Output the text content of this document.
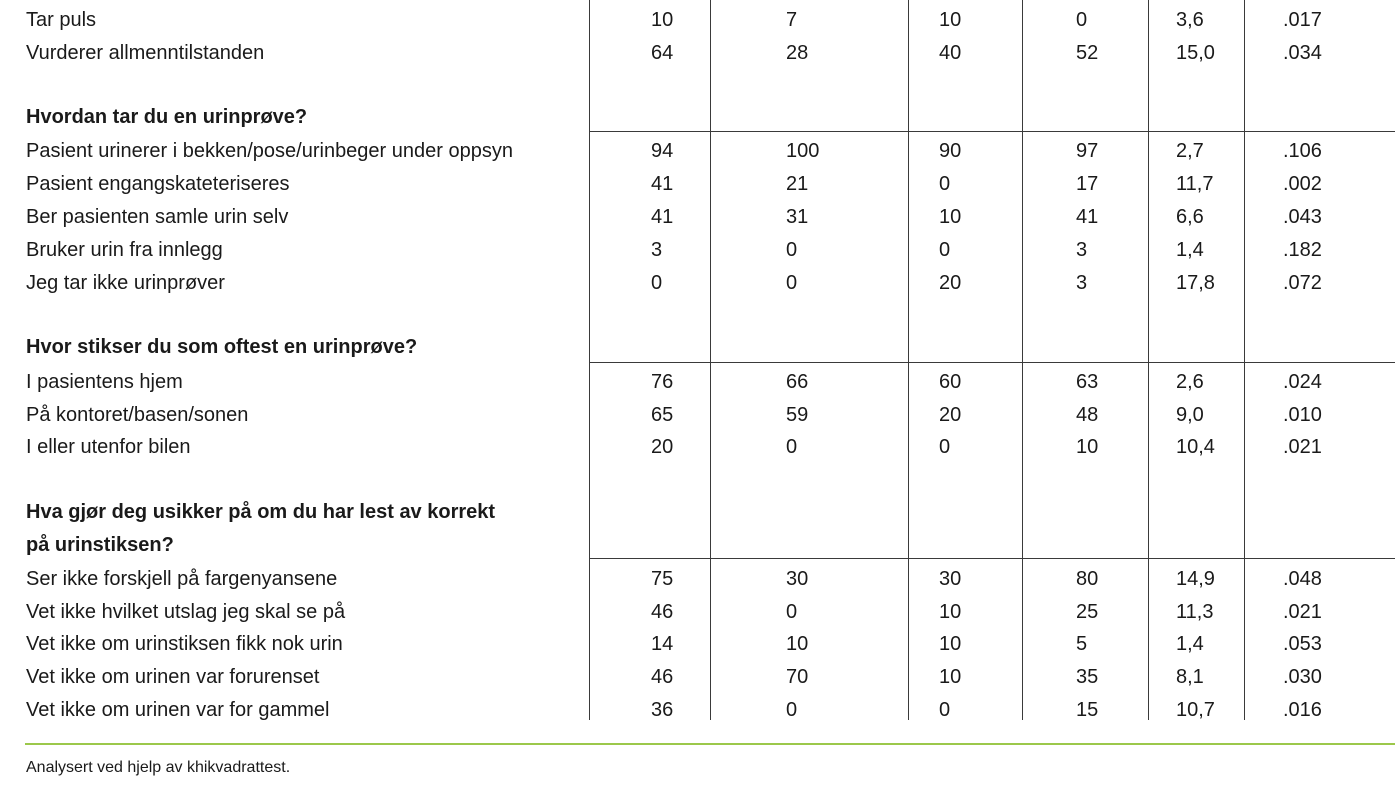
Tar puls	10	7	10	0	3,6	.017
Vurderer allmenntilstanden	64	28	40	52	15,0	.034
Hvordan tar du en urinprøve?
Pasient urinerer i bekken/pose/urinbeger under oppsyn	94	100	90	97	2,7	.106
Pasient engangskateteriseres	41	21	0	17	11,7	.002
Ber pasienten samle urin selv	41	31	10	41	6,6	.043
Bruker urin fra innlegg	3	0	0	3	1,4	.182
Jeg tar ikke urinprøver	0	0	20	3	17,8	.072
Hvor stikser du som oftest en urinprøve?
I pasientens hjem	76	66	60	63	2,6	.024
På kontoret/basen/sonen	65	59	20	48	9,0	.010
I eller utenfor bilen	20	0	0	10	10,4	.021
Hva gjør deg usikker på om du har lest av korrekt
på urinstiksen?
Ser ikke forskjell på fargenyansene	75	30	30	80	14,9	.048
Vet ikke hvilket utslag jeg skal se på	46	0	10	25	11,3	.021
Vet ikke om urinstiksen fikk nok urin	14	10	10	5	1,4	.053
Vet ikke om urinen var forurenset	46	70	10	35	8,1	.030
Vet ikke om urinen var for gammel	36	0	0	15	10,7	.016
Analysert ved hjelp av khikvadrattest.
